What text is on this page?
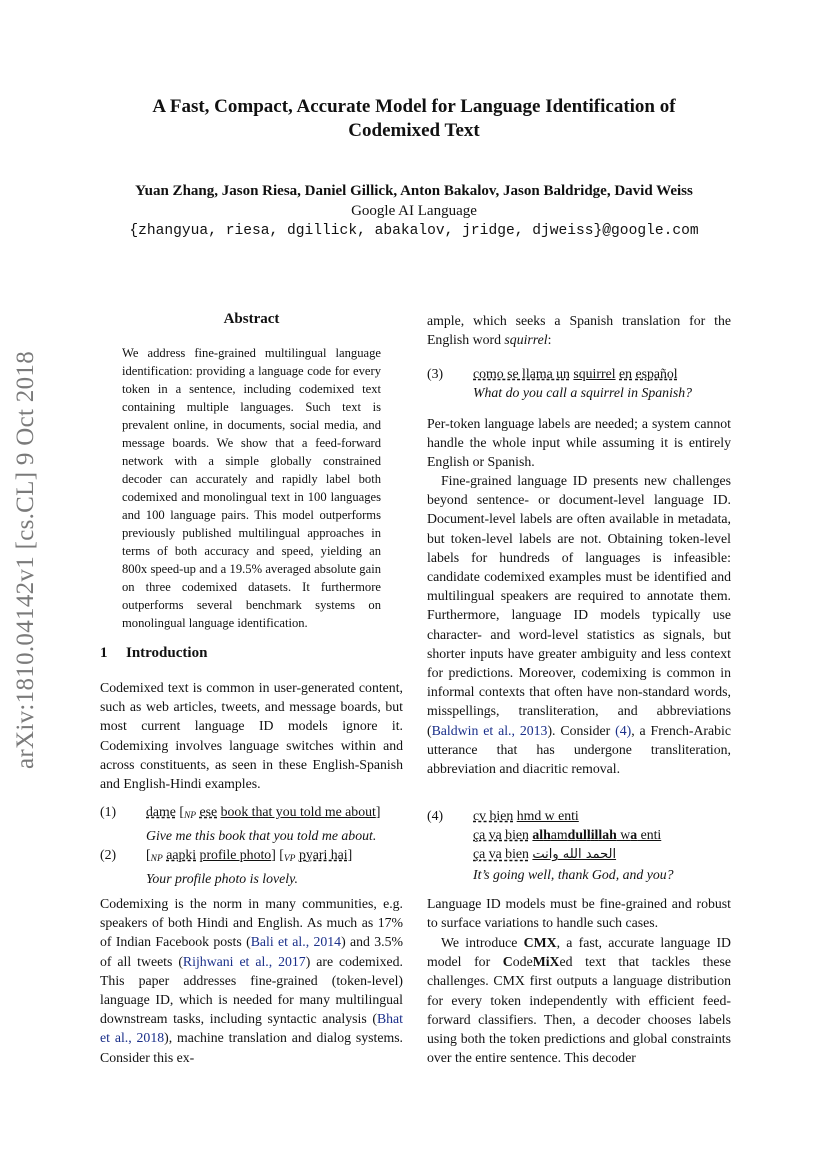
A Fast, Compact, Accurate Model for Language Identification of
Codemixed Text
Yuan Zhang, Jason Riesa, Daniel Gillick, Anton Bakalov, Jason Baldridge, David Weiss
Google AI Language
{zhangyua, riesa, dgillick, abakalov, jridge, djweiss}@google.com
arXiv:1810.04142v1 [cs.CL] 9 Oct 2018
Abstract
We address fine-grained multilingual language identification: providing a language code for every token in a sentence, including codemixed text containing multiple languages. Such text is prevalent online, in documents, social media, and message boards. We show that a feed-forward network with a simple globally constrained decoder can accurately and rapidly label both codemixed and monolingual text in 100 languages and 100 language pairs. This model outperforms previously published multilingual approaches in terms of both accuracy and speed, yielding an 800x speed-up and a 19.5% averaged absolute gain on three codemixed datasets. It furthermore outperforms several benchmark systems on monolingual language identification.
1 Introduction
Codemixed text is common in user-generated content, such as web articles, tweets, and message boards, but most current language ID models ignore it. Codemixing involves language switches within and across constituents, as seen in these English-Spanish and English-Hindi examples.
(1) dame [$_{NP}$ ese book that you told me about]
Give me this book that you told me about.
(2) [$_{NP}$ aapki profile photo] [$_{VP}$ pyari hai]
Your profile photo is lovely.
Codemixing is the norm in many communities, e.g. speakers of both Hindi and English. As much as 17% of Indian Facebook posts (Bali et al., 2014) and 3.5% of all tweets (Rijhwani et al., 2017) are codemixed. This paper addresses fine-grained (token-level) language ID, which is needed for many multilingual downstream tasks, including syntactic analysis (Bhat et al., 2018), machine translation and dialog systems. Consider this ex-
ample, which seeks a Spanish translation for the English word squirrel:
(3) como se llama un squirrel en español
What do you call a squirrel in Spanish?
Per-token language labels are needed; a system cannot handle the whole input while assuming it is entirely English or Spanish.
Fine-grained language ID presents new challenges beyond sentence- or document-level language ID. Document-level labels are often available in metadata, but token-level labels are not. Obtaining token-level labels for hundreds of languages is infeasible: candidate codemixed examples must be identified and multilingual speakers are required to annotate them. Furthermore, language ID models typically use character- and word-level statistics as signals, but shorter inputs have greater ambiguity and less context for predictions. Moreover, codemixing is common in informal contexts that often have non-standard words, misspellings, transliteration, and abbreviations (Baldwin et al., 2013). Consider (4), a French-Arabic utterance that has undergone transliteration, abbreviation and diacritic removal.
(4) cv bien hmd w enti
ça va bien alhamdullillah wa enti
ça va bien الحمد الله وانت
It’s going well, thank God, and you?
Language ID models must be fine-grained and robust to surface variations to handle such cases.
We introduce CMX, a fast, accurate language ID model for CodeMiXed text that tackles these challenges. CMX first outputs a language distribution for every token independently with efficient feed-forward classifiers. Then, a decoder chooses labels using both the token predictions and global constraints over the entire sentence. This decoder
